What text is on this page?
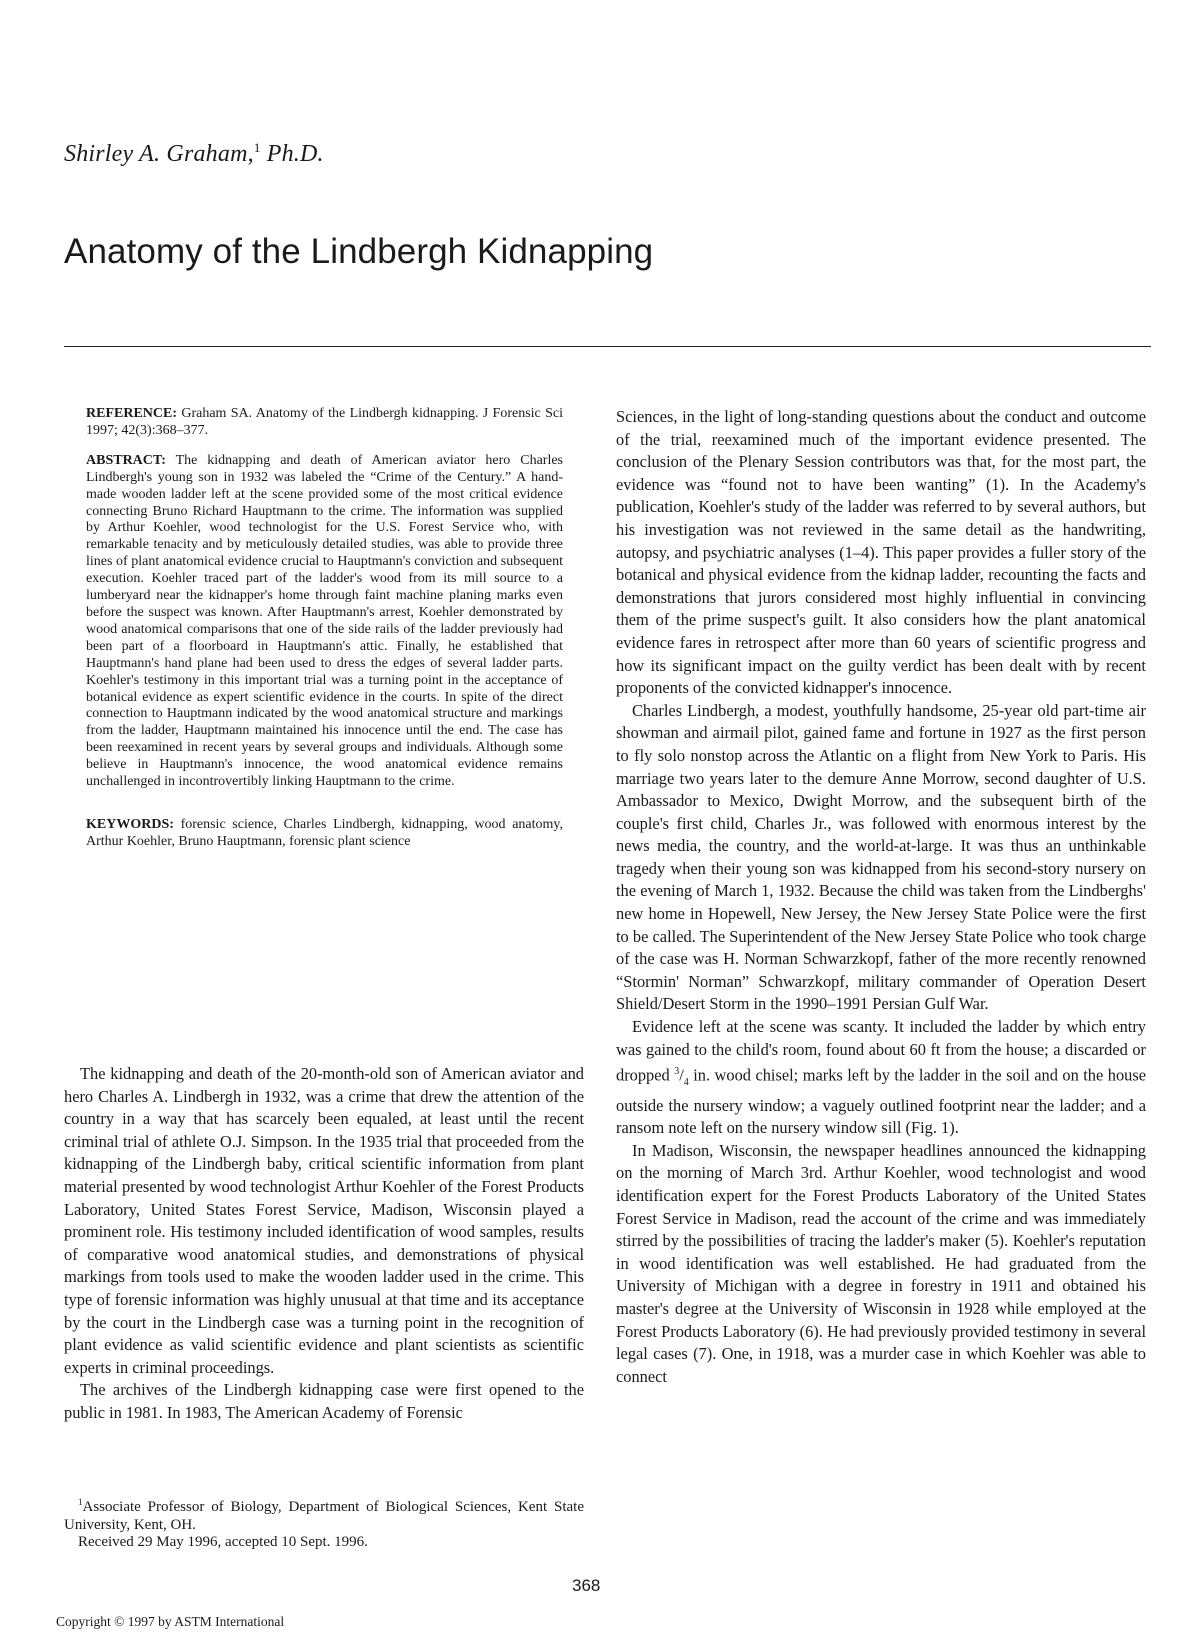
Shirley A. Graham,$^1$ Ph.D.
Anatomy of the Lindbergh Kidnapping

REFERENCE: Graham SA. Anatomy of the Lindbergh kidnapping. J Forensic Sci 1997; 42(3):368–377.

ABSTRACT: The kidnapping and death of American aviator hero Charles Lindbergh's young son in 1932 was labeled the “Crime of the Century.” A hand-made wooden ladder left at the scene provided some of the most critical evidence connecting Bruno Richard Hauptmann to the crime. The information was supplied by Arthur Koehler, wood technologist for the U.S. Forest Service who, with remarkable tenacity and by meticulously detailed studies, was able to provide three lines of plant anatomical evidence crucial to Hauptmann's conviction and subsequent execution. Koehler traced part of the ladder's wood from its mill source to a lumberyard near the kidnapper's home through faint machine planing marks even before the suspect was known. After Hauptmann's arrest, Koehler demonstrated by wood anatomical comparisons that one of the side rails of the ladder previously had been part of a floorboard in Hauptmann's attic. Finally, he established that Hauptmann's hand plane had been used to dress the edges of several ladder parts. Koehler's testimony in this important trial was a turning point in the acceptance of botanical evidence as expert scientific evidence in the courts. In spite of the direct connection to Hauptmann indicated by the wood anatomical structure and markings from the ladder, Hauptmann maintained his innocence until the end. The case has been reexamined in recent years by several groups and individuals. Although some believe in Hauptmann's innocence, the wood anatomical evidence remains unchallenged in incontrovertibly linking Hauptmann to the crime.

KEYWORDS: forensic science, Charles Lindbergh, kidnapping, wood anatomy, Arthur Koehler, Bruno Hauptmann, forensic plant science

The kidnapping and death of the 20-month-old son of American aviator and hero Charles A. Lindbergh in 1932, was a crime that drew the attention of the country in a way that has scarcely been equaled, at least until the recent criminal trial of athlete O.J. Simpson. In the 1935 trial that proceeded from the kidnapping of the Lindbergh baby, critical scientific information from plant material presented by wood technologist Arthur Koehler of the Forest Products Laboratory, United States Forest Service, Madison, Wisconsin played a prominent role. His testimony included identification of wood samples, results of comparative wood anatomical studies, and demonstrations of physical markings from tools used to make the wooden ladder used in the crime. This type of forensic information was highly unusual at that time and its acceptance by the court in the Lindbergh case was a turning point in the recognition of plant evidence as valid scientific evidence and plant scientists as scientific experts in criminal proceedings.

The archives of the Lindbergh kidnapping case were first opened to the public in 1981. In 1983, The American Academy of Forensic

Sciences, in the light of long-standing questions about the conduct and outcome of the trial, reexamined much of the important evidence presented. The conclusion of the Plenary Session contributors was that, for the most part, the evidence was “found not to have been wanting” (1). In the Academy's publication, Koehler's study of the ladder was referred to by several authors, but his investigation was not reviewed in the same detail as the handwriting, autopsy, and psychiatric analyses (1–4). This paper provides a fuller story of the botanical and physical evidence from the kidnap ladder, recounting the facts and demonstrations that jurors considered most highly influential in convincing them of the prime suspect's guilt. It also considers how the plant anatomical evidence fares in retrospect after more than 60 years of scientific progress and how its significant impact on the guilty verdict has been dealt with by recent proponents of the convicted kidnapper's innocence.

Charles Lindbergh, a modest, youthfully handsome, 25-year old part-time air showman and airmail pilot, gained fame and fortune in 1927 as the first person to fly solo nonstop across the Atlantic on a flight from New York to Paris. His marriage two years later to the demure Anne Morrow, second daughter of U.S. Ambassador to Mexico, Dwight Morrow, and the subsequent birth of the couple's first child, Charles Jr., was followed with enormous interest by the news media, the country, and the world-at-large. It was thus an unthinkable tragedy when their young son was kidnapped from his second-story nursery on the evening of March 1, 1932. Because the child was taken from the Lindberghs' new home in Hopewell, New Jersey, the New Jersey State Police were the first to be called. The Superintendent of the New Jersey State Police who took charge of the case was H. Norman Schwarzkopf, father of the more recently renowned “Stormin' Norman” Schwarzkopf, military commander of Operation Desert Shield/Desert Storm in the 1990–1991 Persian Gulf War.

Evidence left at the scene was scanty. It included the ladder by which entry was gained to the child's room, found about 60 ft from the house; a discarded or dropped $^3/_4$ in. wood chisel; marks left by the ladder in the soil and on the house outside the nursery window; a vaguely outlined footprint near the ladder; and a ransom note left on the nursery window sill (Fig. 1).

In Madison, Wisconsin, the newspaper headlines announced the kidnapping on the morning of March 3rd. Arthur Koehler, wood technologist and wood identification expert for the Forest Products Laboratory of the United States Forest Service in Madison, read the account of the crime and was immediately stirred by the possibilities of tracing the ladder's maker (5). Koehler's reputation in wood identification was well established. He had graduated from the University of Michigan with a degree in forestry in 1911 and obtained his master's degree at the University of Wisconsin in 1928 while employed at the Forest Products Laboratory (6). He had previously provided testimony in several legal cases (7). One, in 1918, was a murder case in which Koehler was able to connect

$^1$Associate Professor of Biology, Department of Biological Sciences, Kent State University, Kent, OH.

Received 29 May 1996, accepted 10 Sept. 1996.

368
Copyright © 1997 by ASTM International
